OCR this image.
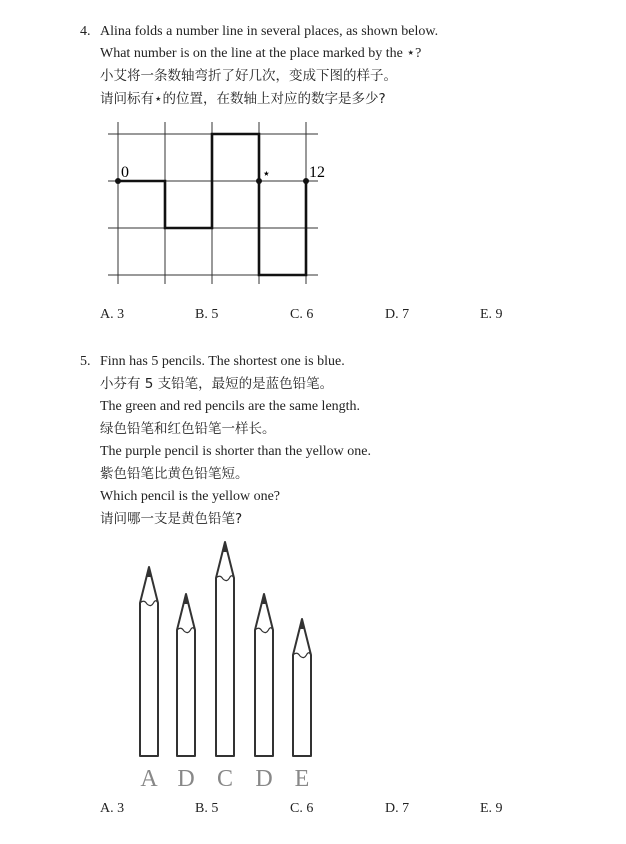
4. Alina folds a number line in several places, as shown below.
What number is on the line at the place marked by the ⋆?
小艾将一条数轴弯折了好几次，变成下图的样子。
请问标有⋆的位置，在数轴上对应的数字是多少?
0	⋆ 12
A. 3	B. 5	C. 6	D. 7	E. 9
5. Finn has 5 pencils. The shortest one is blue.
小芬有 5 支铅笔，最短的是蓝色铅笔。
The green and red pencils are the same length.
绿色铅笔和红色铅笔一样长。
The purple pencil is shorter than the yellow one.
紫色铅笔比黄色铅笔短。
Which pencil is the yellow one?
请问哪一支是黄色铅笔?
A D C D E
A. 3	B. 5	C. 6	D. 7	E. 9
